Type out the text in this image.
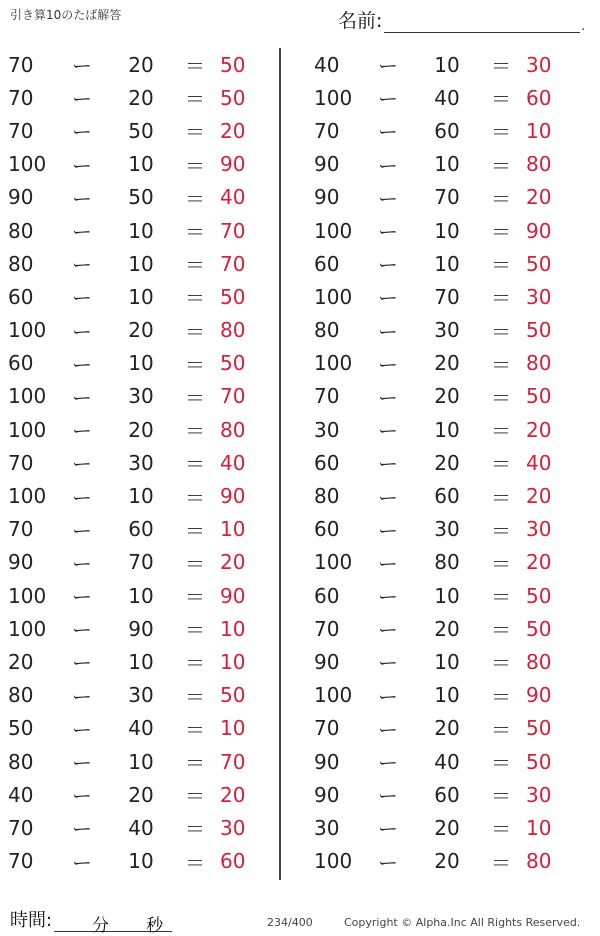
引き算10のたば解答	名前:	.
70	ー	20	＝ 50
70	ー	20	＝ 50
70	ー	50	＝ 20
100	ー	10	＝ 90
90	ー	50	＝ 40
80	ー	10	＝ 70
80	ー	10	＝ 70
60	ー	10	＝ 50
100	ー	20	＝ 80
60	ー	10	＝ 50
100	ー	30	＝ 70
100	ー	20	＝ 80
70	ー	30	＝ 40
100	ー	10	＝ 90
70	ー	60	＝ 10
90	ー	70	＝ 20
100	ー	10	＝ 90
100	ー	90	＝ 10
20	ー	10	＝ 10
80	ー	30	＝ 50
50	ー	40	＝ 10
80	ー	10	＝ 70
40	ー	20	＝ 20
70	ー	40	＝ 30
70	ー	10	＝ 60
40	ー	10	＝ 30
100	ー	40	＝ 60
70	ー	60	＝ 10
90	ー	10	＝ 80
90	ー	70	＝ 20
100	ー	10	＝ 90
60	ー	10	＝ 50
100	ー	70	＝ 30
80	ー	30	＝ 50
100	ー	20	＝ 80
70	ー	20	＝ 50
30	ー	10	＝ 20
60	ー	20	＝ 40
80	ー	60	＝ 20
60	ー	30	＝ 30
100	ー	80	＝ 20
60	ー	10	＝ 50
70	ー	20	＝ 50
90	ー	10	＝ 80
100	ー	10	＝ 90
70	ー	20	＝ 50
90	ー	40	＝ 50
90	ー	60	＝ 30
30	ー	20	＝ 10
100	ー	20	＝ 80
時間: 分 秒	234/400	Copyright © Alpha.Inc All Rights Reserved.
